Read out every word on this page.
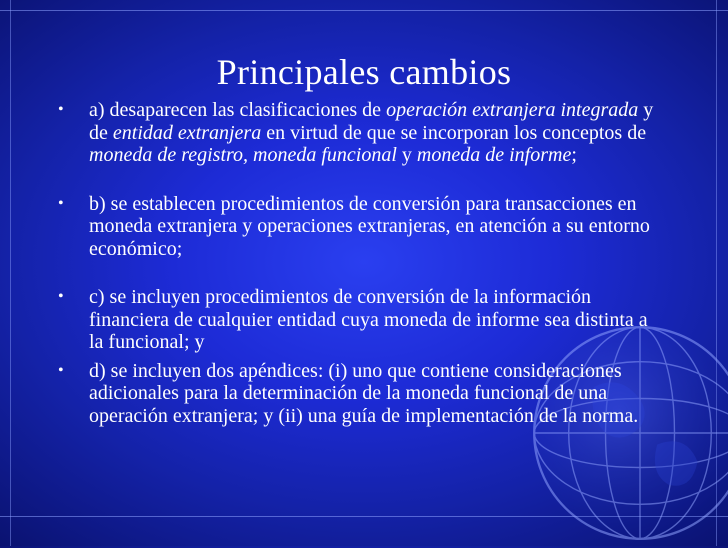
Principales cambios
• a) desaparecen las clasificaciones de operación extranjera integrada y de entidad extranjera en virtud de que se incorporan los conceptos de moneda de registro, moneda funcional y moneda de informe;
• b) se establecen procedimientos de conversión para transacciones en moneda extranjera y operaciones extranjeras, en atención a su entorno económico;
• c) se incluyen procedimientos de conversión de la información financiera de cualquier entidad cuya moneda de informe sea distinta a la funcional; y
• d) se incluyen dos apéndices: (i) uno que contiene consideraciones adicionales para la determinación de la moneda funcional de una operación extranjera; y (ii) una guía de implementación de la norma.
